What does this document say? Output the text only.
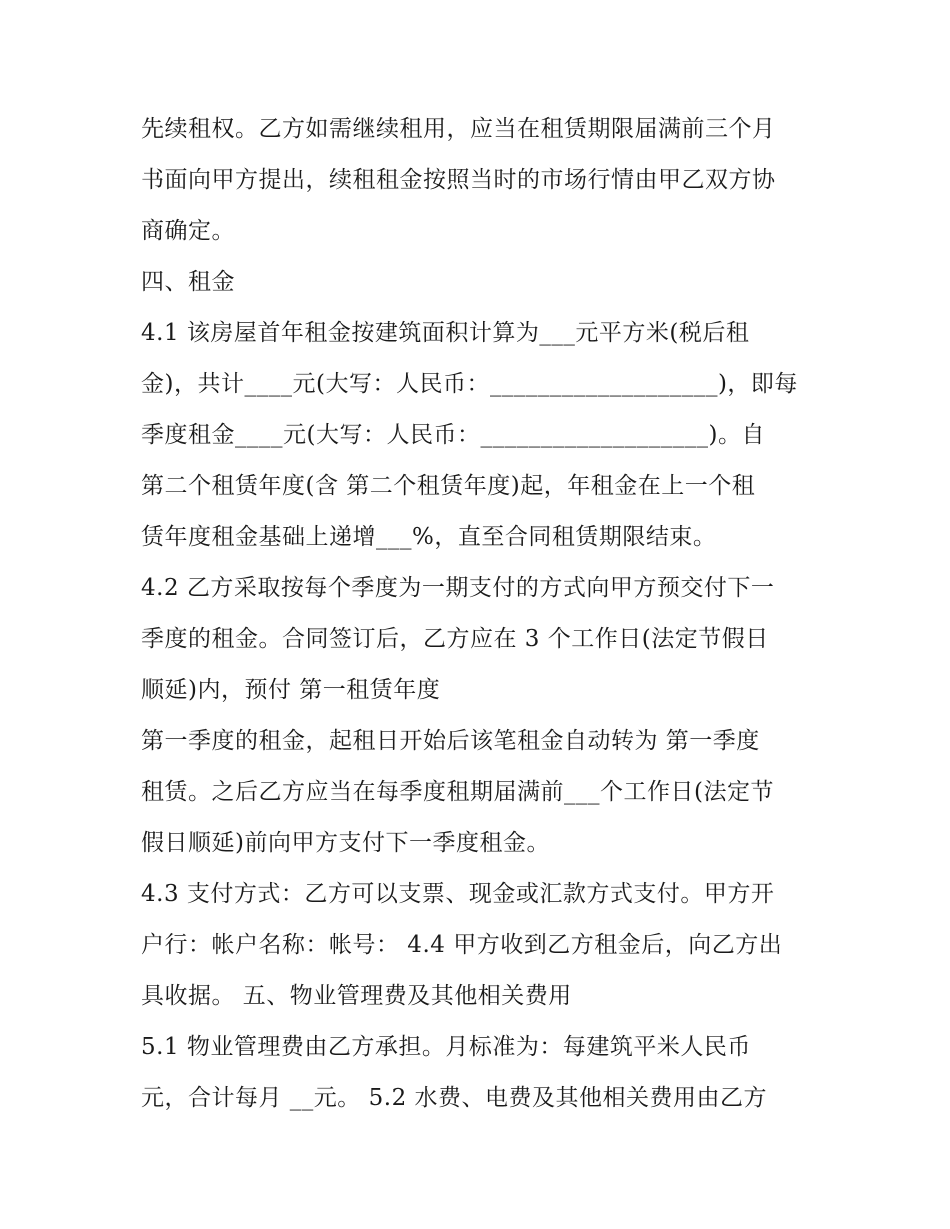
先续租权。乙方如需继续租用，应当在租赁期限届满前三个月
书面向甲方提出，续租租金按照当时的市场行情由甲乙双方协
商确定。
四、租金
4.1 该房屋首年租金按建筑面积计算为___元平方米(税后租
金)，共计____元(大写：人民币：___________________)，即每
季度租金____元(大写：人民币：___________________)。自
第二个租赁年度(含 第二个租赁年度)起，年租金在上一个租
赁年度租金基础上递增___%，直至合同租赁期限结束。
4.2 乙方采取按每个季度为一期支付的方式向甲方预交付下一
季度的租金。合同签订后，乙方应在 3 个工作日(法定节假日
顺延)内，预付 第一租赁年度
第一季度的租金，起租日开始后该笔租金自动转为 第一季度
租赁。之后乙方应当在每季度租期届满前___个工作日(法定节
假日顺延)前向甲方支付下一季度租金。
4.3 支付方式：乙方可以支票、现金或汇款方式支付。甲方开
户行：帐户名称：帐号： 4.4 甲方收到乙方租金后，向乙方出
具收据。 五、物业管理费及其他相关费用
5.1 物业管理费由乙方承担。月标准为：每建筑平米人民币
元，合计每月 __元。 5.2 水费、电费及其他相关费用由乙方
